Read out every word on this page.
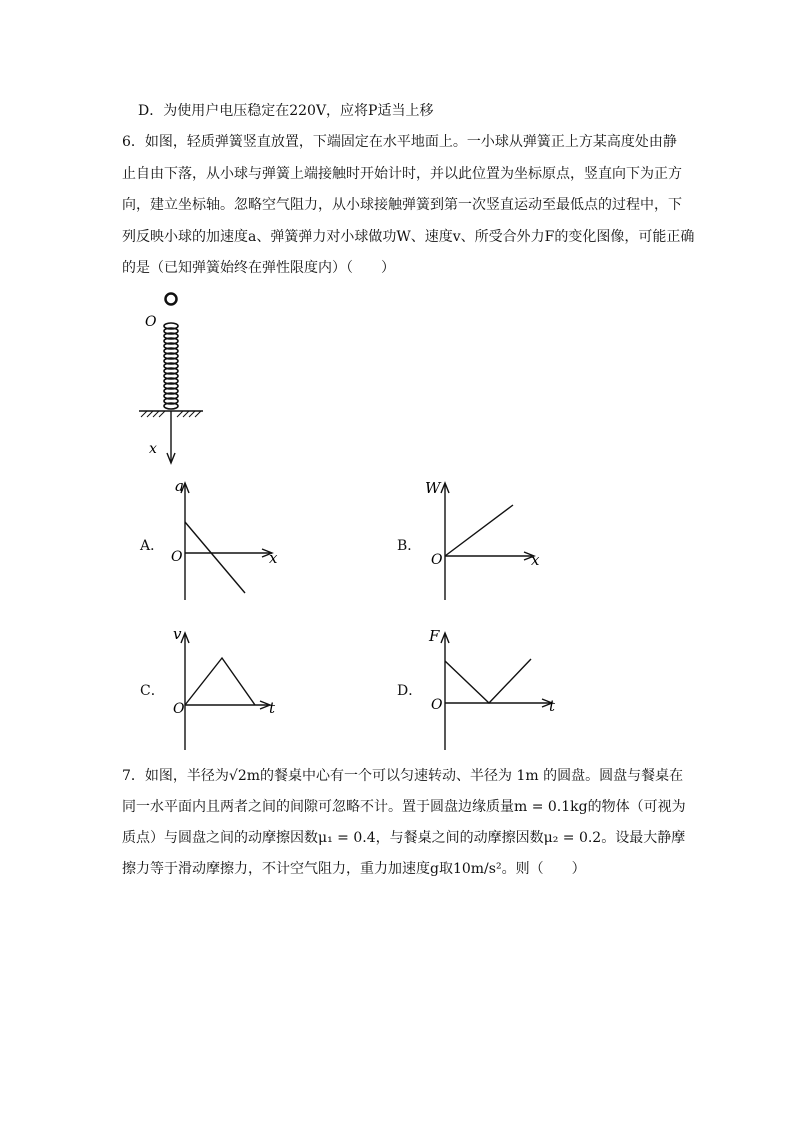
D．为使用户电压稳定在220V，应将P适当上移
6．如图，轻质弹簧竖直放置，下端固定在水平地面上。一小球从弹簧正上方某高度处由静
止自由下落，从小球与弹簧上端接触时开始计时，并以此位置为坐标原点，竖直向下为正方
向，建立坐标轴。忽略空气阻力，从小球接触弹簧到第一次竖直运动至最低点的过程中，下
列反映小球的加速度a、弹簧弹力对小球做功W、速度v、所受合外力F的变化图像，可能正确
的是（已知弹簧始终在弹性限度内）（　　）
O
x
A．
a
O	x
B．
W
O	x
C．
v
O	t
D．
F
O	t
7．如图，半径为√2m的餐桌中心有一个可以匀速转动、半径为 1m 的圆盘。圆盘与餐桌在
同一水平面内且两者之间的间隙可忽略不计。置于圆盘边缘质量m = 0.1kg的物体（可视为
质点）与圆盘之间的动摩擦因数μ₁ = 0.4，与餐桌之间的动摩擦因数μ₂ = 0.2。设最大静摩
擦力等于滑动摩擦力，不计空气阻力，重力加速度g取10m/s²。则（　　）
